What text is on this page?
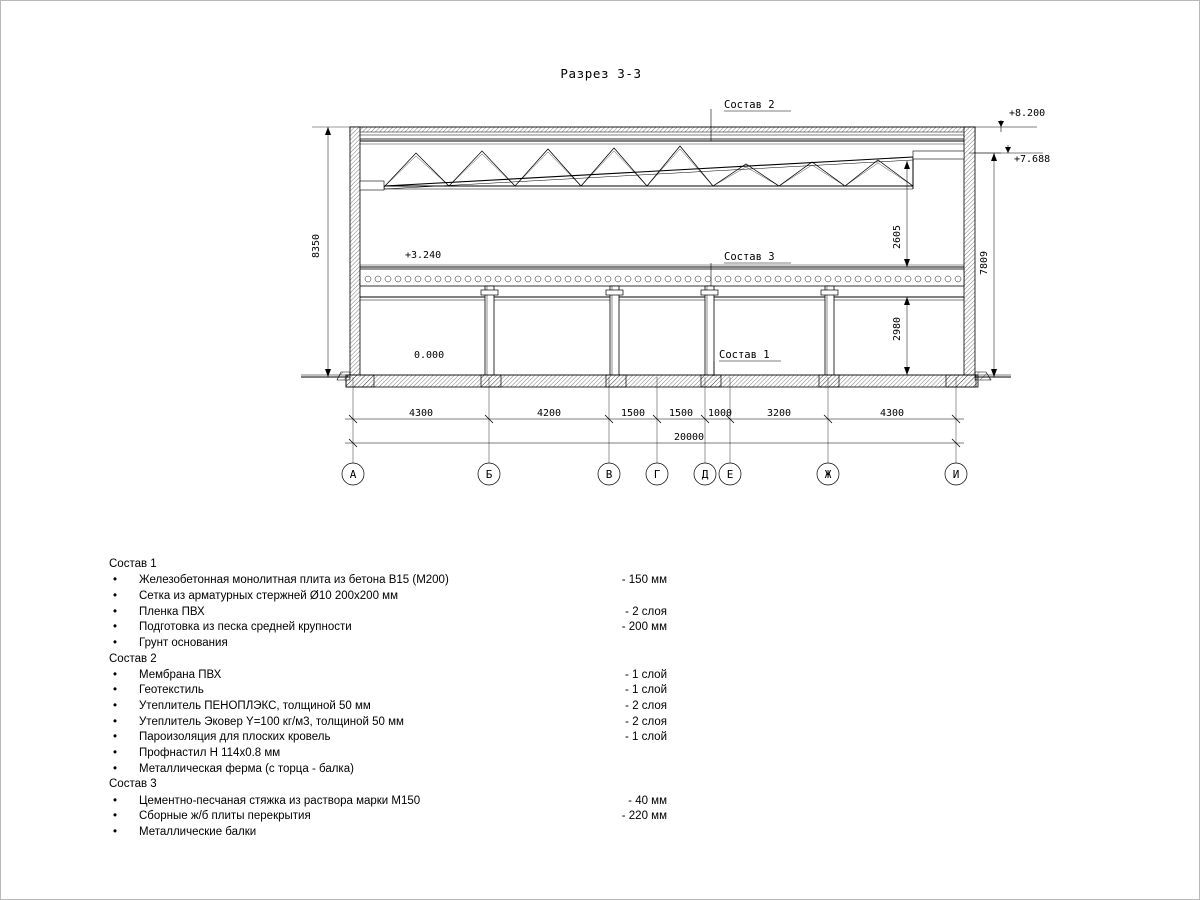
Разрез 3-3
Состав 2
Состав 3
Состав 1
+8.200
+7.688
+3.240
0.000
8350
7809
2605
2980
4300	4200	1500 1500 1000	3200	4300
20000
А	Б	В	Г	Д Е	Ж	И
Состав 1
•	Железобетонная монолитная плита из бетона В15 (М200)	- 150 мм
•	Сетка из арматурных стержней Ø10 200х200 мм
•	Пленка ПВХ	- 2 слоя
•	Подготовка из песка средней крупности	- 200 мм
•	Грунт основания
Состав 2
•	Мембрана ПВХ	- 1 слой
•	Геотекстиль	- 1 слой
•	Утеплитель ПЕНОПЛЭКС, толщиной 50 мм	- 2 слоя
•	Утеплитель Эковер Y=100 кг/м3, толщиной 50 мм	- 2 слоя
•	Пароизоляция для плоских кровель	- 1 слой
•	Профнастил Н 114х0.8 мм
•	Металлическая ферма (с торца - балка)
Состав 3
•	Цементно-песчаная стяжка из раствора марки М150	- 40 мм
•	Сборные ж/б плиты перекрытия	- 220 мм
•	Металлические балки
